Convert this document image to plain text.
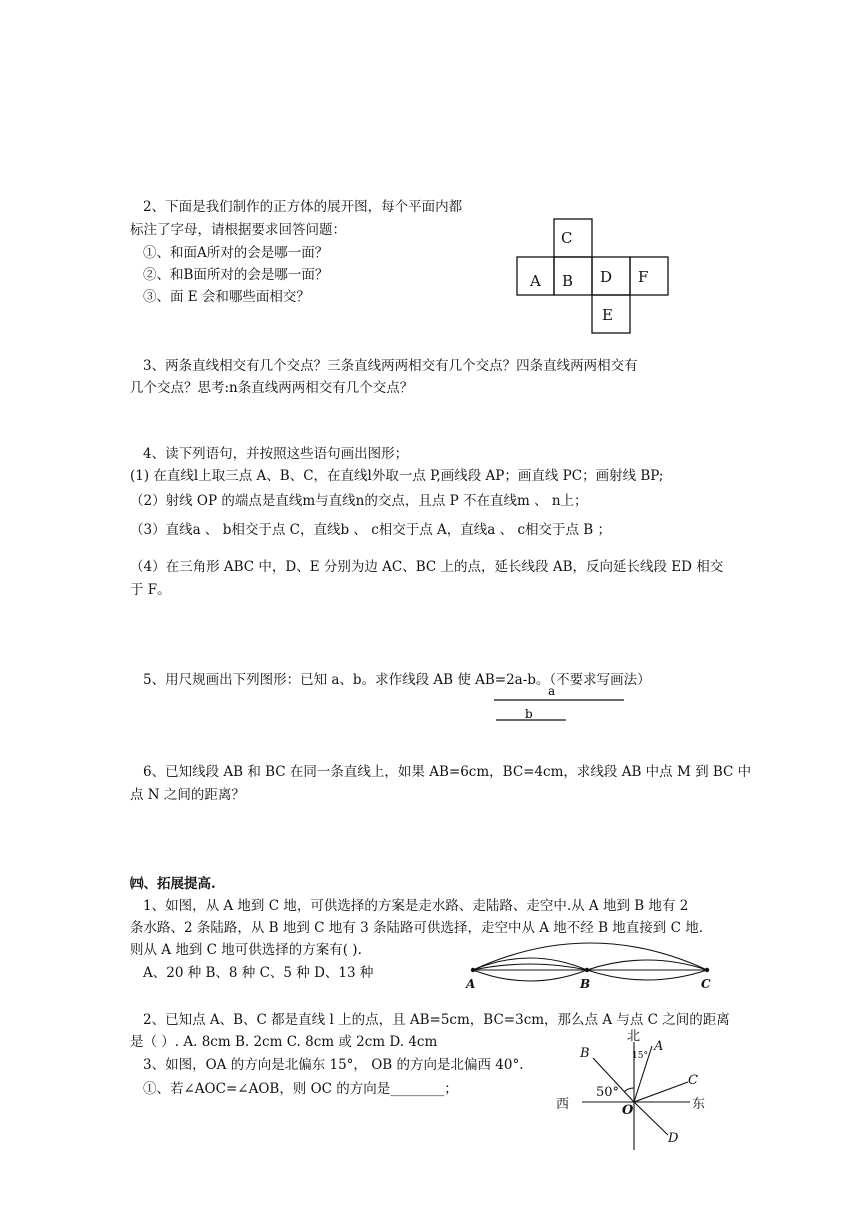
2、下面是我们制作的正方体的展开图，每个平面内都
标注了字母，请根据要求回答问题：
①、和面A所对的会是哪一面？
②、和B面所对的会是哪一面？
③、面 E 会和哪些面相交？
C
A B D F
E
a
b
A	B	C
北
西	东
15°
50°
A
B
C
D
O
3、两条直线相交有几个交点？三条直线两两相交有几个交点？四条直线两两相交有
几个交点？思考:n条直线两两相交有几个交点？
4、读下列语句，并按照这些语句画出图形；
(1) 在直线l上取三点 A、B、C，在直线l外取一点 P,画线段 AP；画直线 PC；画射线 BP;
（2）射线 OP 的端点是直线m与直线n的交点，且点 P 不在直线m 、 n上；
（3）直线a 、 b相交于点 C，直线b 、 c相交于点 A，直线a 、 c相交于点 B ；
（4）在三角形 ABC 中，D、E 分别为边 AC、BC 上的点，延长线段 AB，反向延长线段 ED 相交
于 F。
5、用尺规画出下列图形：已知 a、b。求作线段 AB 使 AB=2a-b。（不要求写画法）
6、已知线段 AB 和 BC 在同一条直线上，如果 AB=6cm，BC=4cm，求线段 AB 中点 M 到 BC 中
点 N 之间的距离？
㈣、拓展提高.
1、如图，从 A 地到 C 地，可供选择的方案是走水路、走陆路、走空中.从 A 地到 B 地有 2
条水路、2 条陆路，从 B 地到 C 地有 3 条陆路可供选择，走空中从 A 地不经 B 地直接到 C 地.
则从 A 地到 C 地可供选择的方案有( ).
A、20 种 B、8 种 C、5 种 D、13 种
2、已知点 A、B、C 都是直线 l 上的点，且 AB=5cm，BC=3cm，那么点 A 与点 C 之间的距离
是（ ）. A. 8cm B. 2cm C. 8cm 或 2cm D. 4cm
3、如图，OA 的方向是北偏东 15°， OB 的方向是北偏西 40°.
①、若∠AOC=∠AOB，则 OC 的方向是________；
